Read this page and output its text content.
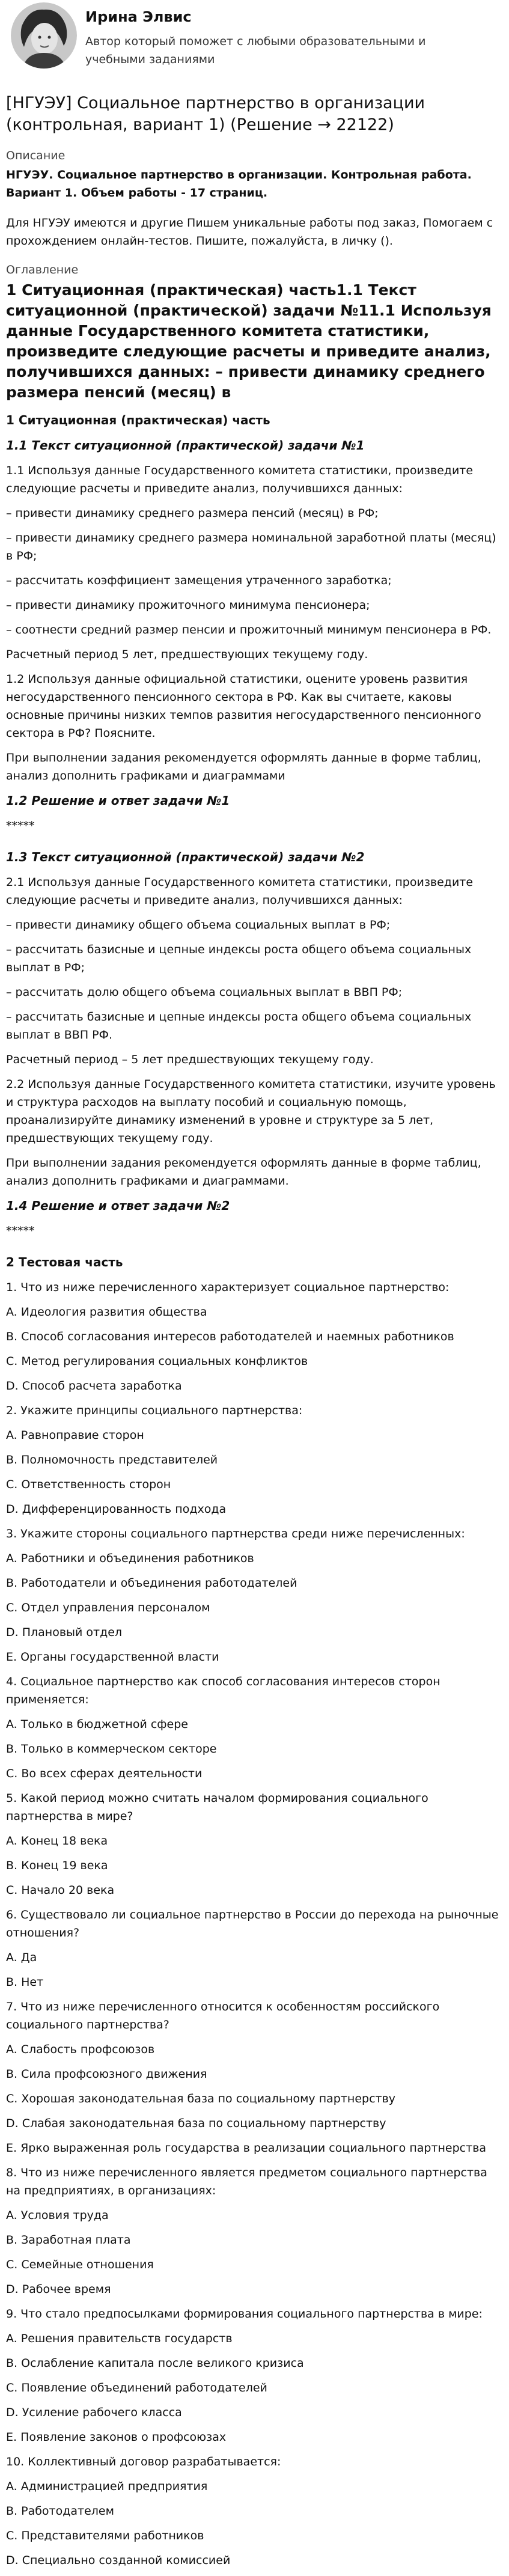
Ирина Элвис
Автор который поможет с любыми образовательными и учебными заданиями
[НГУЭУ] Социальное партнерство в организации (контрольная, вариант 1) (Решение → 22122)
Описание

НГУЭУ. Социальное партнерство в организации. Контрольная работа. Вариант 1. Объем работы - 17 страниц.

Для НГУЭУ имеются и другие Пишем уникальные работы под заказ, Помогаем с прохождением онлайн-тестов. Пишите, пожалуйста, в личку ().

Оглавление
1 Ситуационная (практическая) часть1.1 Текст ситуационной (практической) задачи №11.1 Используя данные Государственного комитета статистики, произведите следующие расчеты и приведите анализ, получившихся данных: – привести динамику среднего размера пенсий (месяц) в
1 Ситуационная (практическая) часть
1.1 Текст ситуационной (практической) задачи №1

1.1 Используя данные Государственного комитета статистики, произведите следующие расчеты и приведите анализ, получившихся данных:

– привести динамику среднего размера пенсий (месяц) в РФ;

– привести динамику среднего размера номинальной заработной платы (месяц) в РФ;

– рассчитать коэффициент замещения утраченного заработка;

– привести динамику прожиточного минимума пенсионера;

– соотнести средний размер пенсии и прожиточный минимум пенсионера в РФ.

Расчетный период 5 лет, предшествующих текущему году.

1.2 Используя данные официальной статистики, оцените уровень развития негосударственного пенсионного сектора в РФ. Как вы считаете, каковы основные причины низких темпов развития негосударственного пенсионного сектора в РФ? Поясните.

При выполнении задания рекомендуется оформлять данные в форме таблиц, анализ дополнить графиками и диаграммами

1.2 Решение и ответ задачи №1

*****

1.3 Текст ситуационной (практической) задачи №2

2.1 Используя данные Государственного комитета статистики, произведите следующие расчеты и приведите анализ, получившихся данных:

– привести динамику общего объема социальных выплат в РФ;

– рассчитать базисные и цепные индексы роста общего объема социальных выплат в РФ;

– рассчитать долю общего объема социальных выплат в ВВП РФ;

– рассчитать базисные и цепные индексы роста общего объема социальных выплат в ВВП РФ.

Расчетный период – 5 лет предшествующих текущему году.

2.2 Используя данные Государственного комитета статистики, изучите уровень и структура расходов на выплату пособий и социальную помощь, проанализируйте динамику изменений в уровне и структуре за 5 лет, предшествующих текущему году.

При выполнении задания рекомендуется оформлять данные в форме таблиц, анализ дополнить графиками и диаграммами.

1.4 Решение и ответ задачи №2

*****

2 Тестовая часть

1. Что из ниже перечисленного характеризует социальное партнерство:

A. Идеология развития общества

B. Способ согласования интересов работодателей и наемных работников

C. Метод регулирования социальных конфликтов

D. Способ расчета заработка

2. Укажите принципы социального партнерства:

A. Равноправие сторон

B. Полномочность представителей

C. Ответственность сторон

D. Дифференцированность подхода

3. Укажите стороны социального партнерства среди ниже перечисленных:

A. Работники и объединения работников

B. Работодатели и объединения работодателей

C. Отдел управления персоналом

D. Плановый отдел

E. Органы государственной власти

4. Социальное партнерство как способ согласования интересов сторон применяется:

A. Только в бюджетной сфере

B. Только в коммерческом секторе

C. Во всех сферах деятельности

5. Какой период можно считать началом формирования социального партнерства в мире?

A. Конец 18 века

B. Конец 19 века

C. Начало 20 века

6. Существовало ли социальное партнерство в России до перехода на рыночные отношения?

A. Да

B. Нет

7. Что из ниже перечисленного относится к особенностям российского социального партнерства?

A. Слабость профсоюзов

B. Сила профсоюзного движения

C. Хорошая законодательная база по социальному партнерству

D. Слабая законодательная база по социальному партнерству

E. Ярко выраженная роль государства в реализации социального партнерства

8. Что из ниже перечисленного является предметом социального партнерства на предприятиях, в организациях:

A. Условия труда

B. Заработная плата

C. Семейные отношения

D. Рабочее время

9. Что стало предпосылками формирования социального партнерства в мире:

A. Решения правительств государств

B. Ослабление капитала после великого кризиса

C. Появление объединений работодателей

D. Усиление рабочего класса

E. Появление законов о профсоюзах

10. Коллективный договор разрабатывается:

A. Администрацией предприятия

B. Работодателем

C. Представителями работников

D. Специально созданной комиссией
